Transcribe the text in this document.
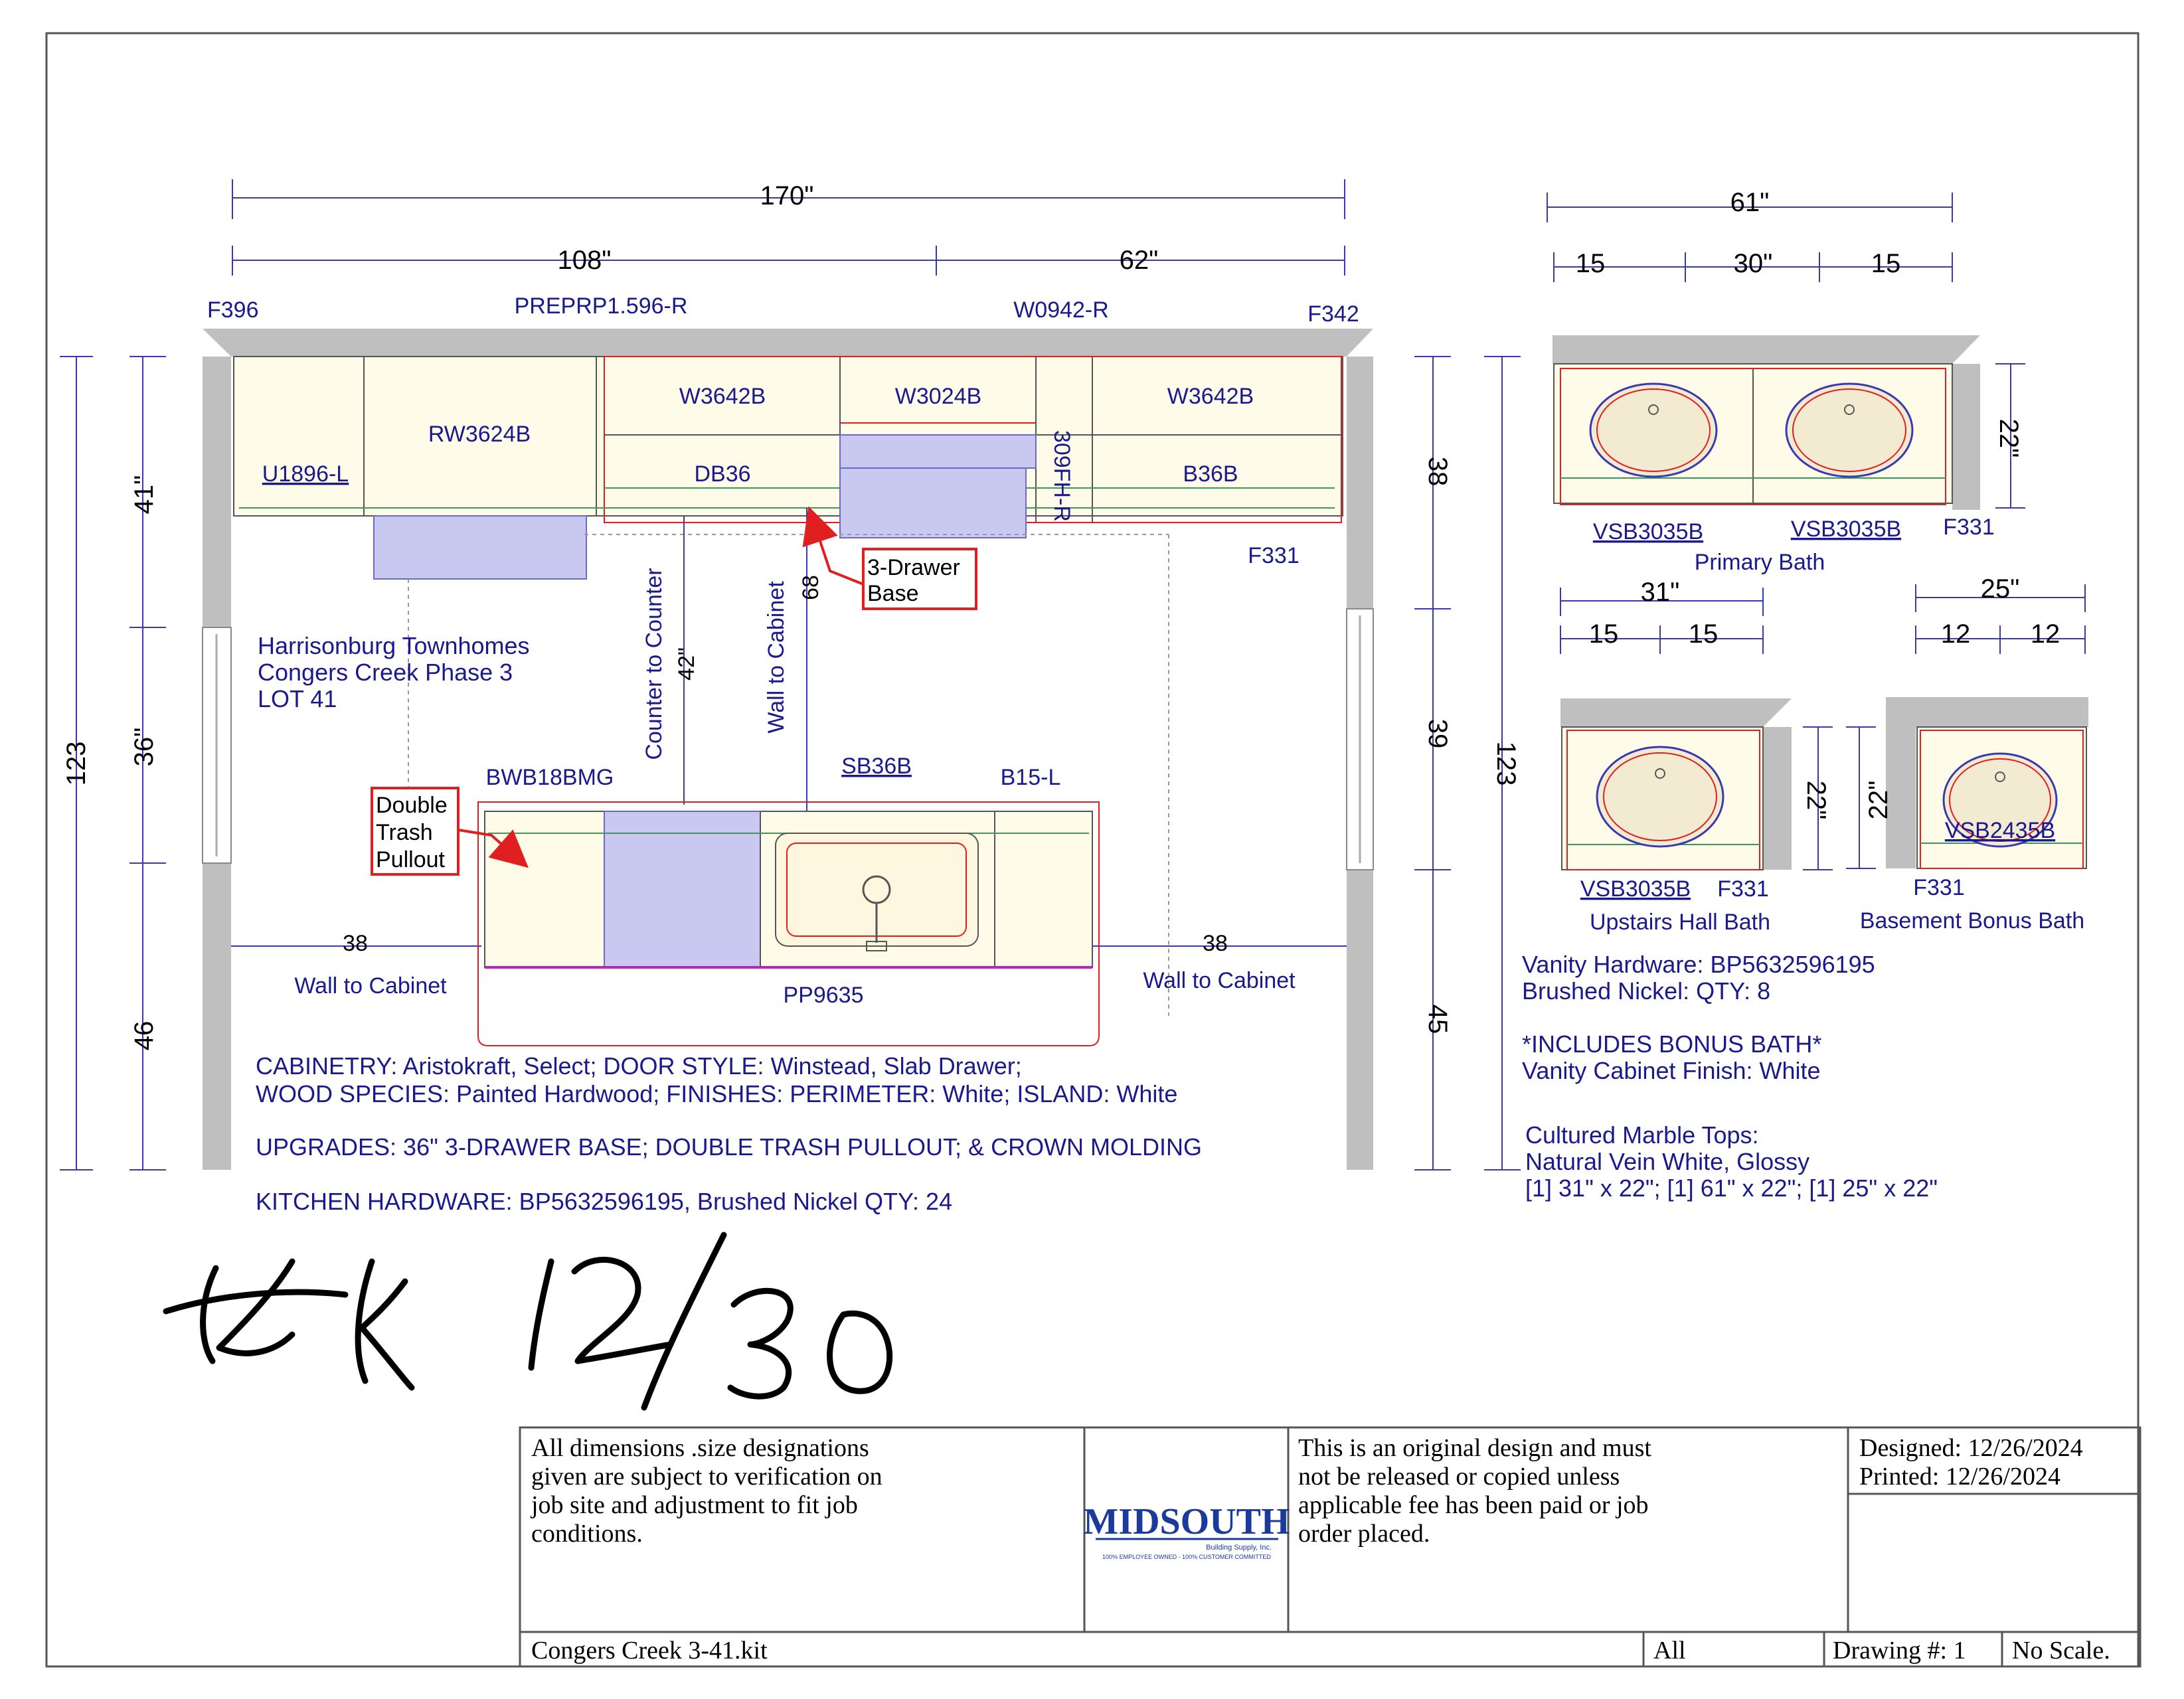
170"
108"	62"
F396	PREPRP1.596-R	W0942-R	F342
RW3624B
U1896-L
W3642B	W3024B	W3642B
DB36	B36B
309FH-R
F331
123
41"
36"
46
38
39
45
123
Counter to Counter 42"	Wall to Cabinet 68
38
Wall to Cabinet
38
Wall to Cabinet
BWB18BMG	SB36B	B15-L
PP9635
3-Drawer
Base
Double
Trash
Pullout
Harrisonburg Townhomes
Congers Creek Phase 3
LOT 41
CABINETRY: Aristokraft, Select; DOOR STYLE: Winstead, Slab Drawer;
WOOD SPECIES: Painted Hardwood; FINISHES: PERIMETER: White; ISLAND: White
UPGRADES: 36" 3-DRAWER BASE; DOUBLE TRASH PULLOUT; & CROWN MOLDING
KITCHEN HARDWARE: BP5632596195, Brushed Nickel QTY: 24
61"
15	30"	15
22"
VSB3035B	VSB3035B F331
Primary Bath
31"
15	15
22"
VSB3035B F331
Upstairs Hall Bath
25"
12 12
22"
VSB2435B
F331
Basement Bonus Bath
Vanity Hardware: BP5632596195
Brushed Nickel: QTY: 8
*INCLUDES BONUS BATH*
Vanity Cabinet Finish: White
Cultured Marble Tops:
Natural Vein White, Glossy
[1] 31" x 22"; [1] 61" x 22"; [1] 25" x 22"
All dimensions .size designations
given are subject to verification on
job site and adjustment to fit job
conditions.	MIDSOUTH
Building Supply, Inc.
100% EMPLOYEE OWNED - 100% CUSTOMER COMMITTED
This is an original design and must
not be released or copied unless
applicable fee has been paid or job
order placed.
Designed: 12/26/2024
Printed: 12/26/2024
Congers Creek 3-41.kit	All	Drawing #: 1 No Scale.
